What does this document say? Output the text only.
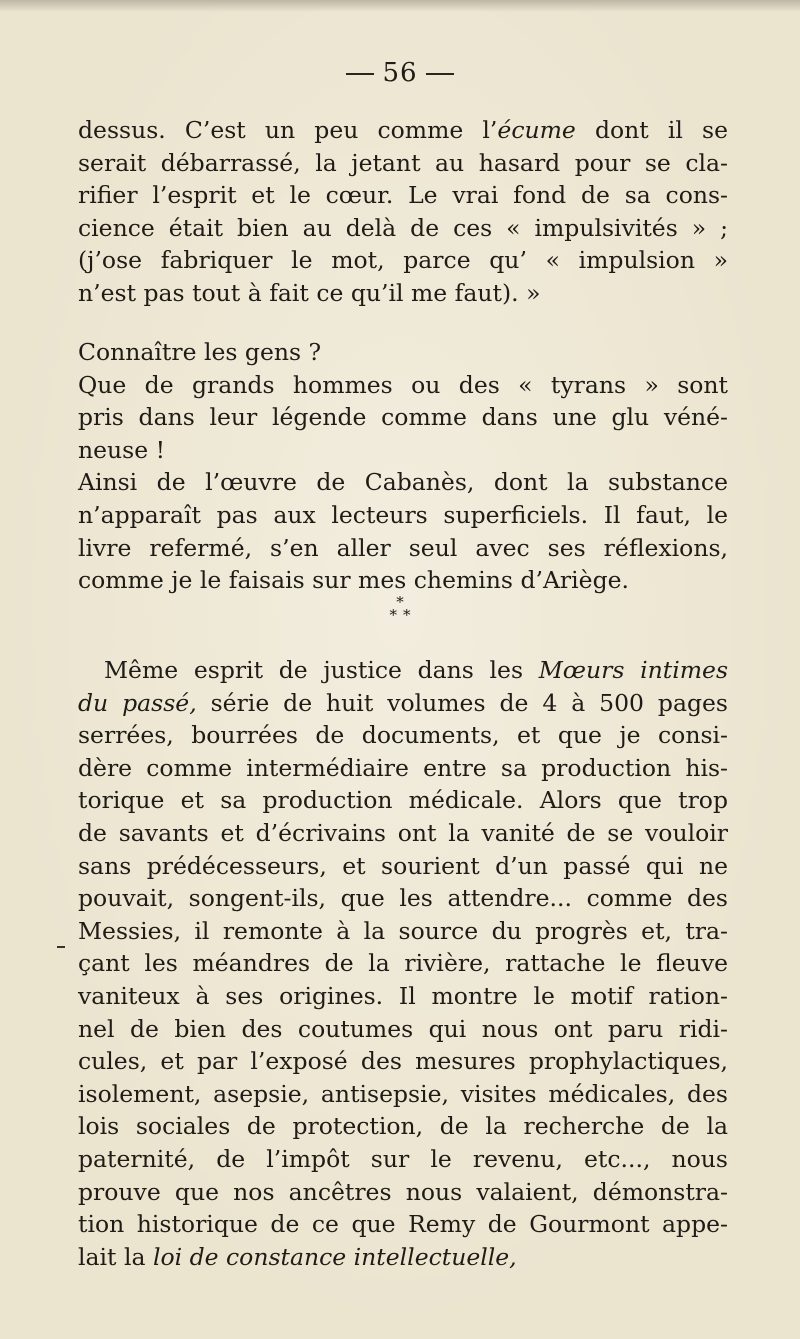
56
dessus. C’est un peu comme l’écume dont il se
serait débarrassé, la jetant au hasard pour se cla-
rifier l’esprit et le cœur. Le vrai fond de sa cons-
cience était bien au delà de ces « impulsivités » ;
(j’ose fabriquer le mot, parce qu’ « impulsion »
n’est pas tout à fait ce qu’il me faut). »
Connaître les gens ?
Que de grands hommes ou des « tyrans » sont
pris dans leur légende comme dans une glu véné-
neuse !
Ainsi de l’œuvre de Cabanès, dont la substance
n’apparaît pas aux lecteurs superficiels. Il faut, le
livre refermé, s’en aller seul avec ses réflexions,
comme je le faisais sur mes chemins d’Ariège.
*
**
Même esprit de justice dans les Mœurs intimes
du passé, série de huit volumes de 4 à 500 pages
serrées, bourrées de documents, et que je consi-
dère comme intermédiaire entre sa production his-
torique et sa production médicale. Alors que trop
de savants et d’écrivains ont la vanité de se vouloir
sans prédécesseurs, et sourient d’un passé qui ne
pouvait, songent-ils, que les attendre... comme des
Messies, il remonte à la source du progrès et, tra-
çant les méandres de la rivière, rattache le fleuve
vaniteux à ses origines. Il montre le motif ration-
nel de bien des coutumes qui nous ont paru ridi-
cules, et par l’exposé des mesures prophylactiques,
isolement, asepsie, antisepsie, visites médicales, des
lois sociales de protection, de la recherche de la
paternité, de l’impôt sur le revenu, etc..., nous
prouve que nos ancêtres nous valaient, démonstra-
tion historique de ce que Remy de Gourmont appe-
lait la loi de constance intellectuelle,
